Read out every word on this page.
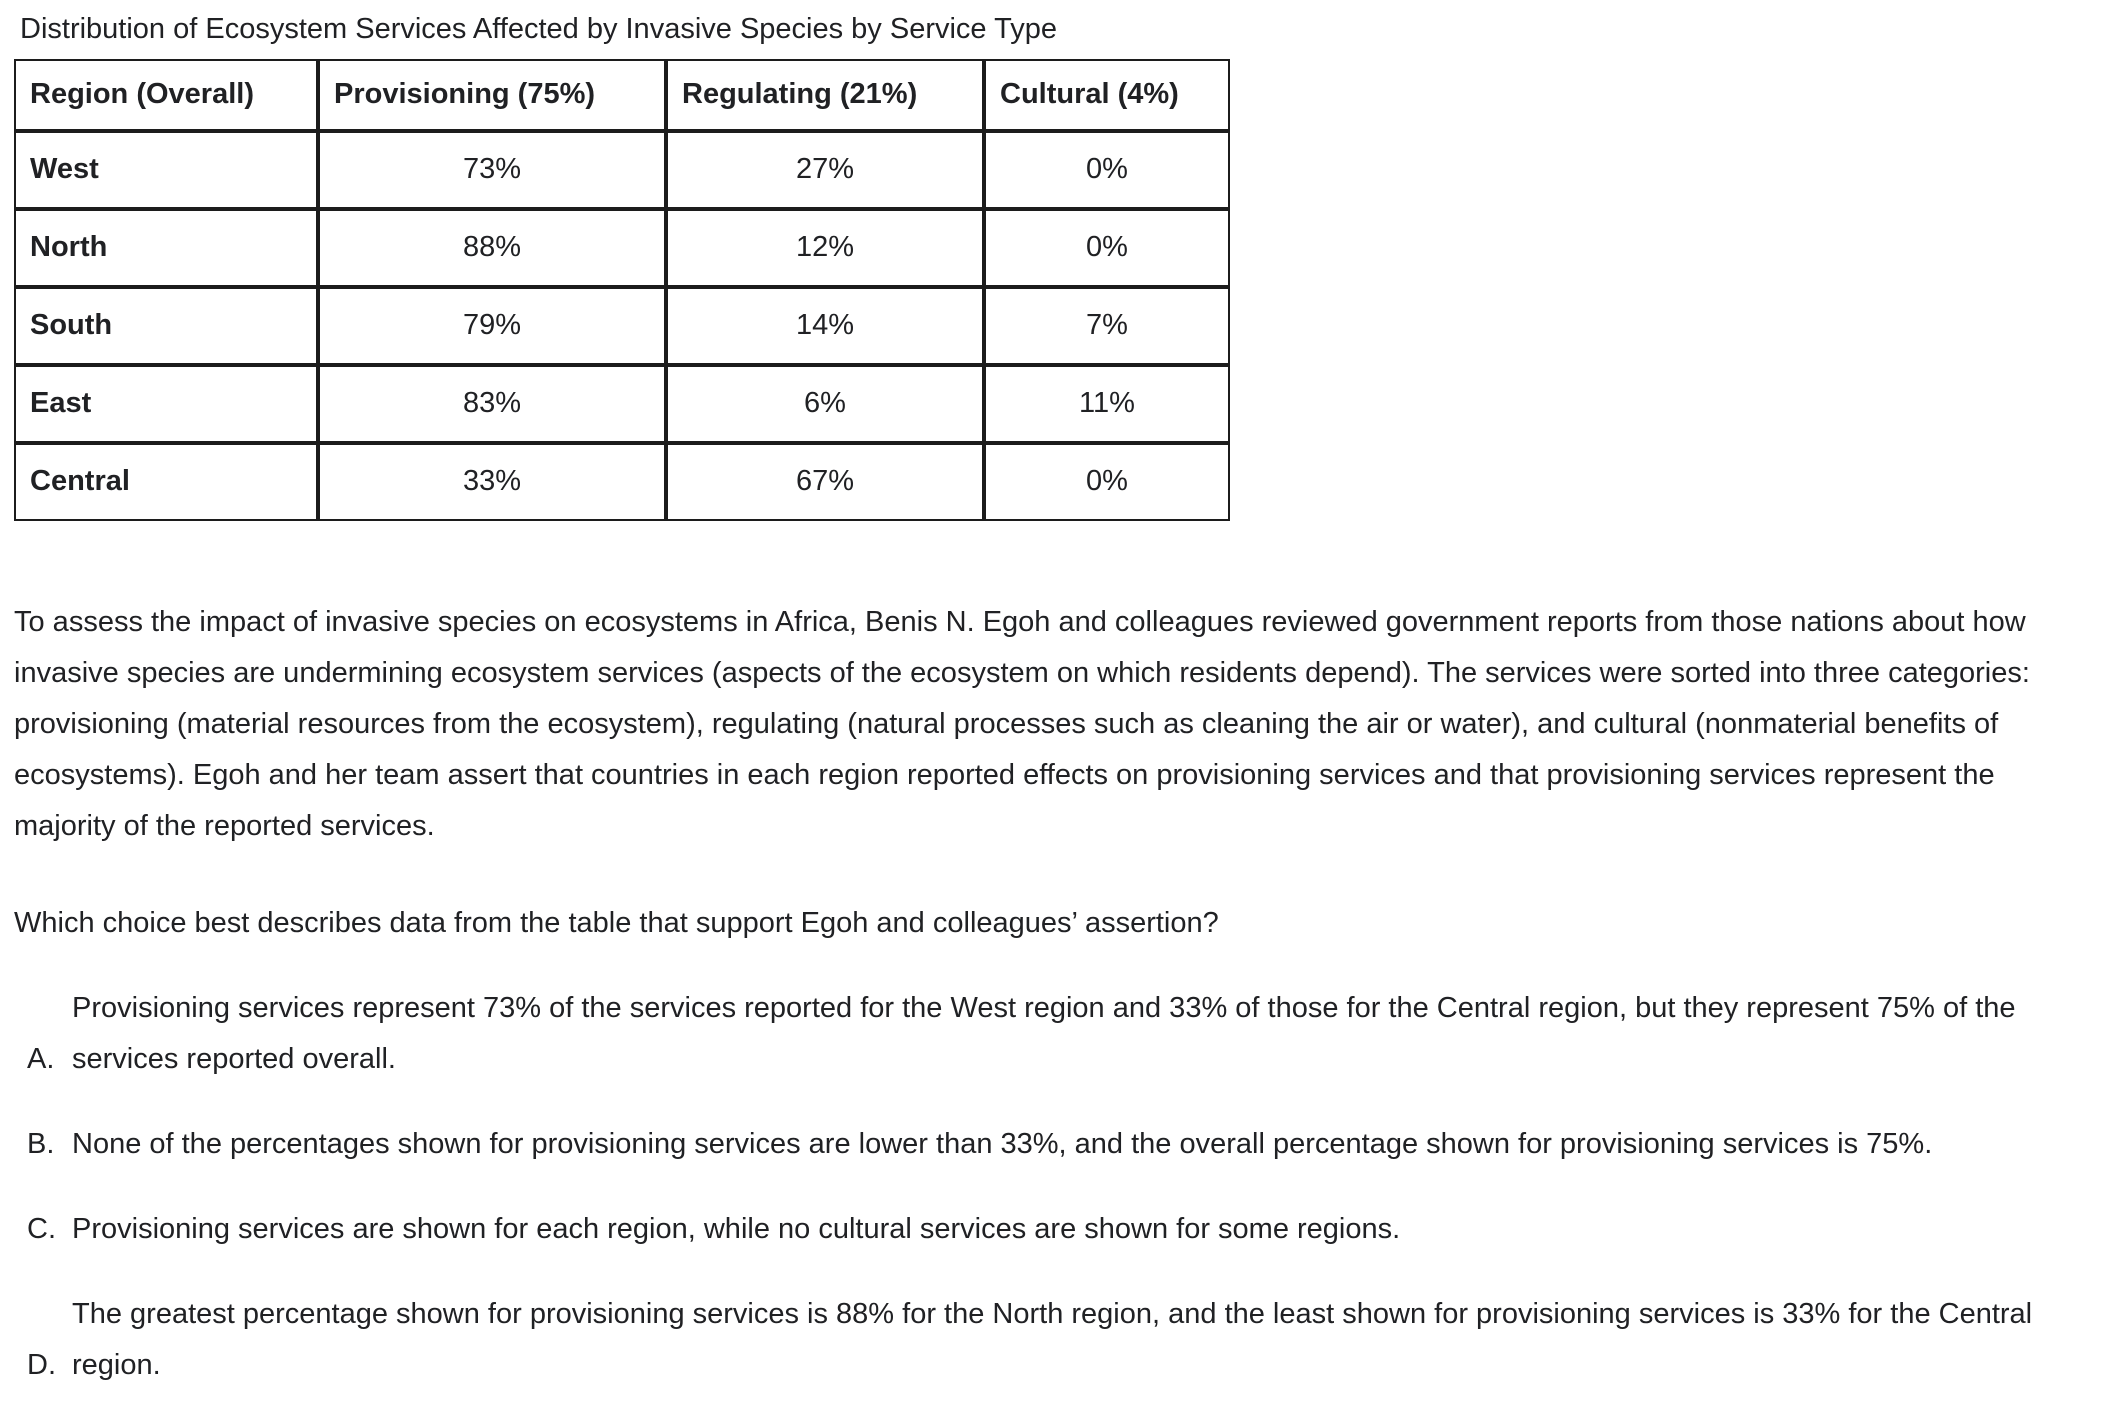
Distribution of Ecosystem Services Affected by Invasive Species by Service Type
Region (Overall)	Provisioning (75%)	Regulating (21%)	Cultural (4%)
West	73%	27%	0%
North	88%	12%	0%
South	79%	14%	7%
East	83%	6%	11%
Central	33%	67%	0%

To assess the impact of invasive species on ecosystems in Africa, Benis N. Egoh and colleagues reviewed government reports from those nations about how invasive species are undermining ecosystem services (aspects of the ecosystem on which residents depend). The services were sorted into three categories: provisioning (material resources from the ecosystem), regulating (natural processes such as cleaning the air or water), and cultural (nonmaterial benefits of ecosystems). Egoh and her team assert that countries in each region reported effects on provisioning services and that provisioning services represent the majority of the reported services.

Which choice best describes data from the table that support Egoh and colleagues’ assertion?

A.
Provisioning services represent 73% of the services reported for the West region and 33% of those for the Central region, but they represent 75% of the services reported overall.
B. None of the percentages shown for provisioning services are lower than 33%, and the overall percentage shown for provisioning services is 75%.
C. Provisioning services are shown for each region, while no cultural services are shown for some regions.
D.
The greatest percentage shown for provisioning services is 88% for the North region, and the least shown for provisioning services is 33% for the Central region.
